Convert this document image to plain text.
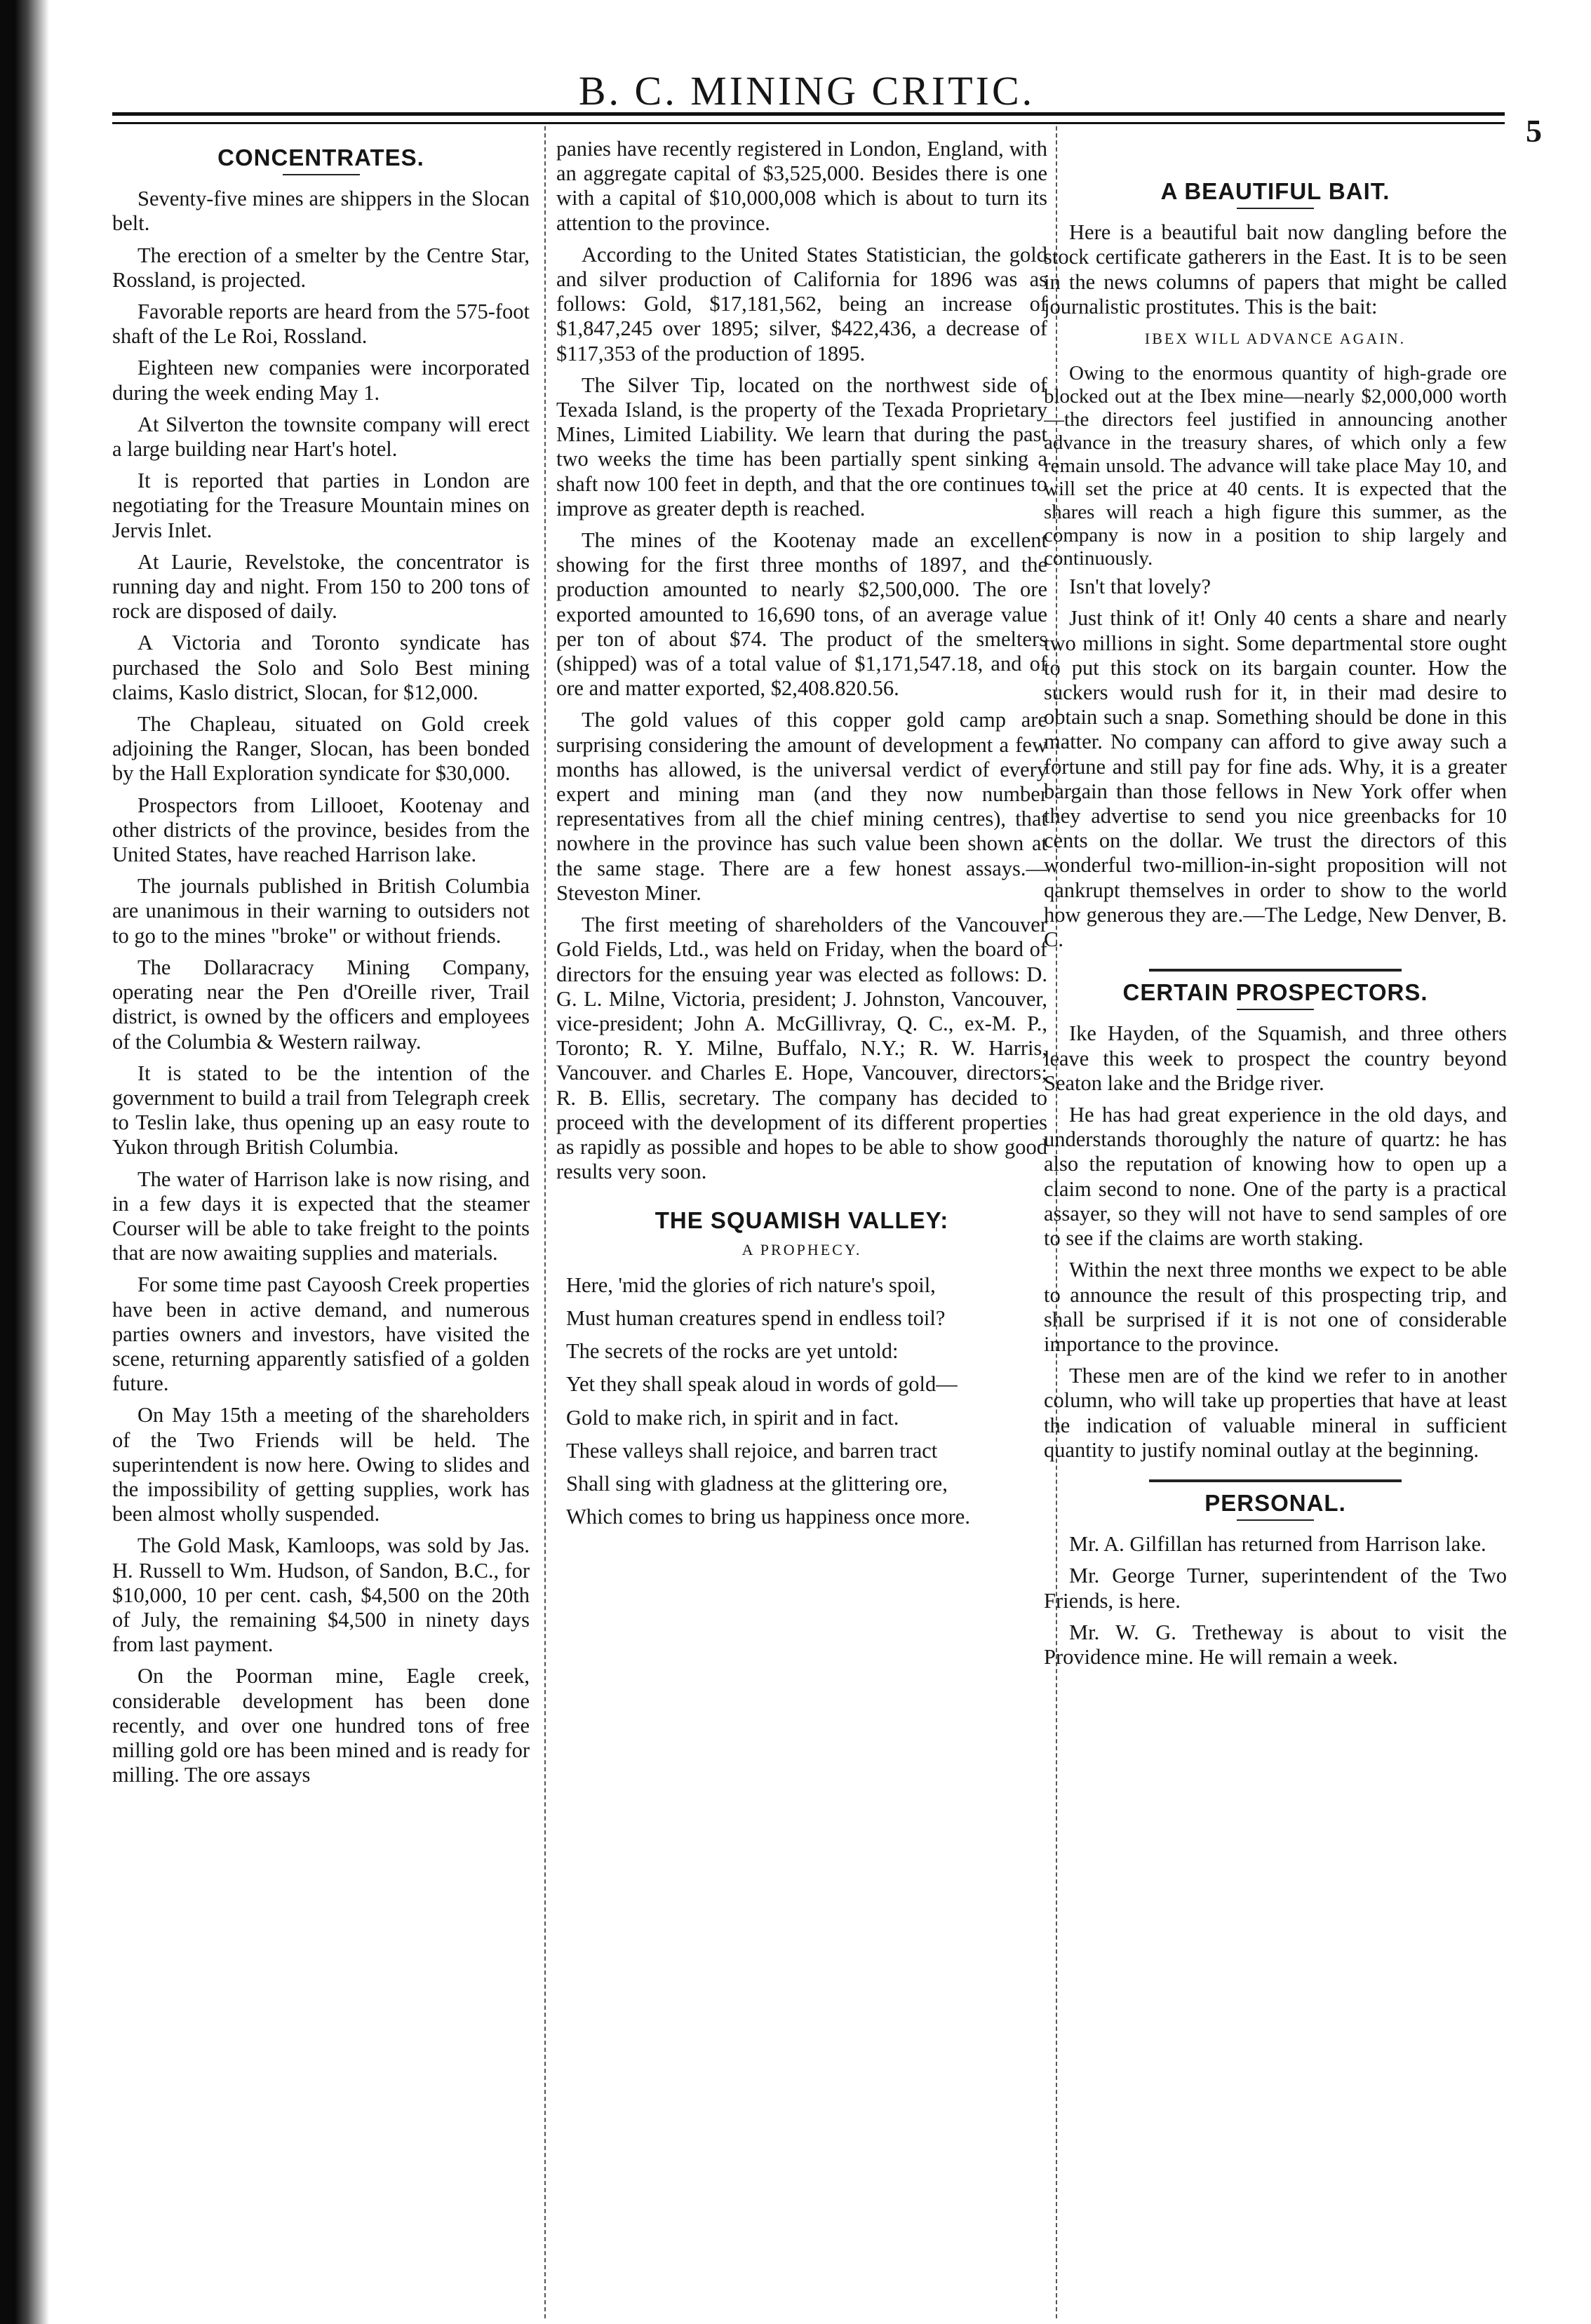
B. C. MINING CRITIC.
5

CONCENTRATES.

Seventy-five mines are shippers in the Slocan belt.

The erection of a smelter by the Centre Star, Rossland, is projected.

Favorable reports are heard from the 575-foot shaft of the Le Roi, Rossland.

Eighteen new companies were incorporated during the week ending May 1.

At Silverton the townsite company will erect a large building near Hart's hotel.

It is reported that parties in London are negotiating for the Treasure Mountain mines on Jervis Inlet.

At Laurie, Revelstoke, the concentrator is running day and night. From 150 to 200 tons of rock are disposed of daily.

A Victoria and Toronto syndicate has purchased the Solo and Solo Best mining claims, Kaslo district, Slocan, for $12,000.

The Chapleau, situated on Gold creek adjoining the Ranger, Slocan, has been bonded by the Hall Exploration syndicate for $30,000.

Prospectors from Lillooet, Kootenay and other districts of the province, besides from the United States, have reached Harrison lake.

The journals published in British Columbia are unanimous in their warning to outsiders not to go to the mines "broke" or without friends.

The Dollaracracy Mining Company, operating near the Pen d'Oreille river, Trail district, is owned by the officers and employees of the Columbia & Western railway.

It is stated to be the intention of the government to build a trail from Telegraph creek to Teslin lake, thus opening up an easy route to Yukon through British Columbia.

The water of Harrison lake is now rising, and in a few days it is expected that the steamer Courser will be able to take freight to the points that are now awaiting supplies and materials.

For some time past Cayoosh Creek properties have been in active demand, and numerous parties owners and investors, have visited the scene, returning apparently satisfied of a golden future.

On May 15th a meeting of the shareholders of the Two Friends will be held. The superintendent is now here. Owing to slides and the impossibility of getting supplies, work has been almost wholly suspended.

The Gold Mask, Kamloops, was sold by Jas. H. Russell to Wm. Hudson, of Sandon, B.C., for $10,000, 10 per cent. cash, $4,500 on the 20th of July, the remaining $4,500 in ninety days from last payment.

On the Poorman mine, Eagle creek, considerable development has been done recently, and over one hundred tons of free milling gold ore has been mined and is ready for milling. The ore assays

panies have recently registered in London, England, with an aggregate capital of $3,525,000. Besides there is one with a capital of $10,000,008 which is about to turn its attention to the province.

According to the United States Statistician, the gold and silver production of California for 1896 was as follows: Gold, $17,181,562, being an increase of $1,847,245 over 1895; silver, $422,436, a decrease of $117,353 of the production of 1895.

The Silver Tip, located on the northwest side of Texada Island, is the property of the Texada Proprietary Mines, Limited Liability. We learn that during the past two weeks the time has been partially spent sinking a shaft now 100 feet in depth, and that the ore continues to improve as greater depth is reached.

The mines of the Kootenay made an excellent showing for the first three months of 1897, and the production amounted to nearly $2,500,000. The ore exported amounted to 16,690 tons, of an average value per ton of about $74. The product of the smelters (shipped) was of a total value of $1,171,547.18, and of ore and matter exported, $2,408.820.56.

The gold values of this copper gold camp are surprising considering the amount of development a few months has allowed, is the universal verdict of every expert and mining man (and they now number representatives from all the chief mining centres), that nowhere in the province has such value been shown at the same stage. There are a few honest assays.—Steveston Miner.

The first meeting of shareholders of the Vancouver Gold Fields, Ltd., was held on Friday, when the board of directors for the ensuing year was elected as follows: D. G. L. Milne, Victoria, president; J. Johnston, Vancouver, vice-president; John A. McGillivray, Q. C., ex-M. P., Toronto; R. Y. Milne, Buffalo, N.Y.; R. W. Harris, Vancouver. and Charles E. Hope, Vancouver, directors; R. B. Ellis, secretary. The company has decided to proceed with the development of its different properties as rapidly as possible and hopes to be able to show good results very soon.

THE SQUAMISH VALLEY:

A PROPHECY.

Here, 'mid the glories of rich nature's spoil,

Must human creatures spend in endless toil?

The secrets of the rocks are yet untold:

Yet they shall speak aloud in words of gold—

Gold to make rich, in spirit and in fact.

These valleys shall rejoice, and barren tract

Shall sing with gladness at the glittering ore,

Which comes to bring us happiness once more.

A BEAUTIFUL BAIT.

Here is a beautiful bait now dangling before the stock certificate gatherers in the East. It is to be seen in the news columns of papers that might be called journalistic prostitutes. This is the bait:

IBEX WILL ADVANCE AGAIN.

Owing to the enormous quantity of high-grade ore blocked out at the Ibex mine—nearly $2,000,000 worth—the directors feel justified in announcing another advance in the treasury shares, of which only a few remain unsold. The advance will take place May 10, and will set the price at 40 cents. It is expected that the shares will reach a high figure this summer, as the company is now in a position to ship largely and continuously.

Isn't that lovely?

Just think of it! Only 40 cents a share and nearly two millions in sight. Some departmental store ought to put this stock on its bargain counter. How the suckers would rush for it, in their mad desire to obtain such a snap. Something should be done in this matter. No company can afford to give away such a fortune and still pay for fine ads. Why, it is a greater bargain than those fellows in New York offer when they advertise to send you nice greenbacks for 10 cents on the dollar. We trust the directors of this wonderful two-million-in-sight proposition will not qankrupt themselves in order to show to the world how generous they are.—The Ledge, New Denver, B. C.

CERTAIN PROSPECTORS.

Ike Hayden, of the Squamish, and three others leave this week to prospect the country beyond Seaton lake and the Bridge river.

He has had great experience in the old days, and understands thoroughly the nature of quartz: he has also the reputation of knowing how to open up a claim second to none. One of the party is a practical assayer, so they will not have to send samples of ore to see if the claims are worth staking.

Within the next three months we expect to be able to announce the result of this prospecting trip, and shall be surprised if it is not one of considerable importance to the province.

These men are of the kind we refer to in another column, who will take up properties that have at least the indication of valuable mineral in sufficient quantity to justify nominal outlay at the beginning.

PERSONAL.

Mr. A. Gilfillan has returned from Harrison lake.

Mr. George Turner, superintendent of the Two Friends, is here.

Mr. W. G. Tretheway is about to visit the Providence mine. He will remain a week.
